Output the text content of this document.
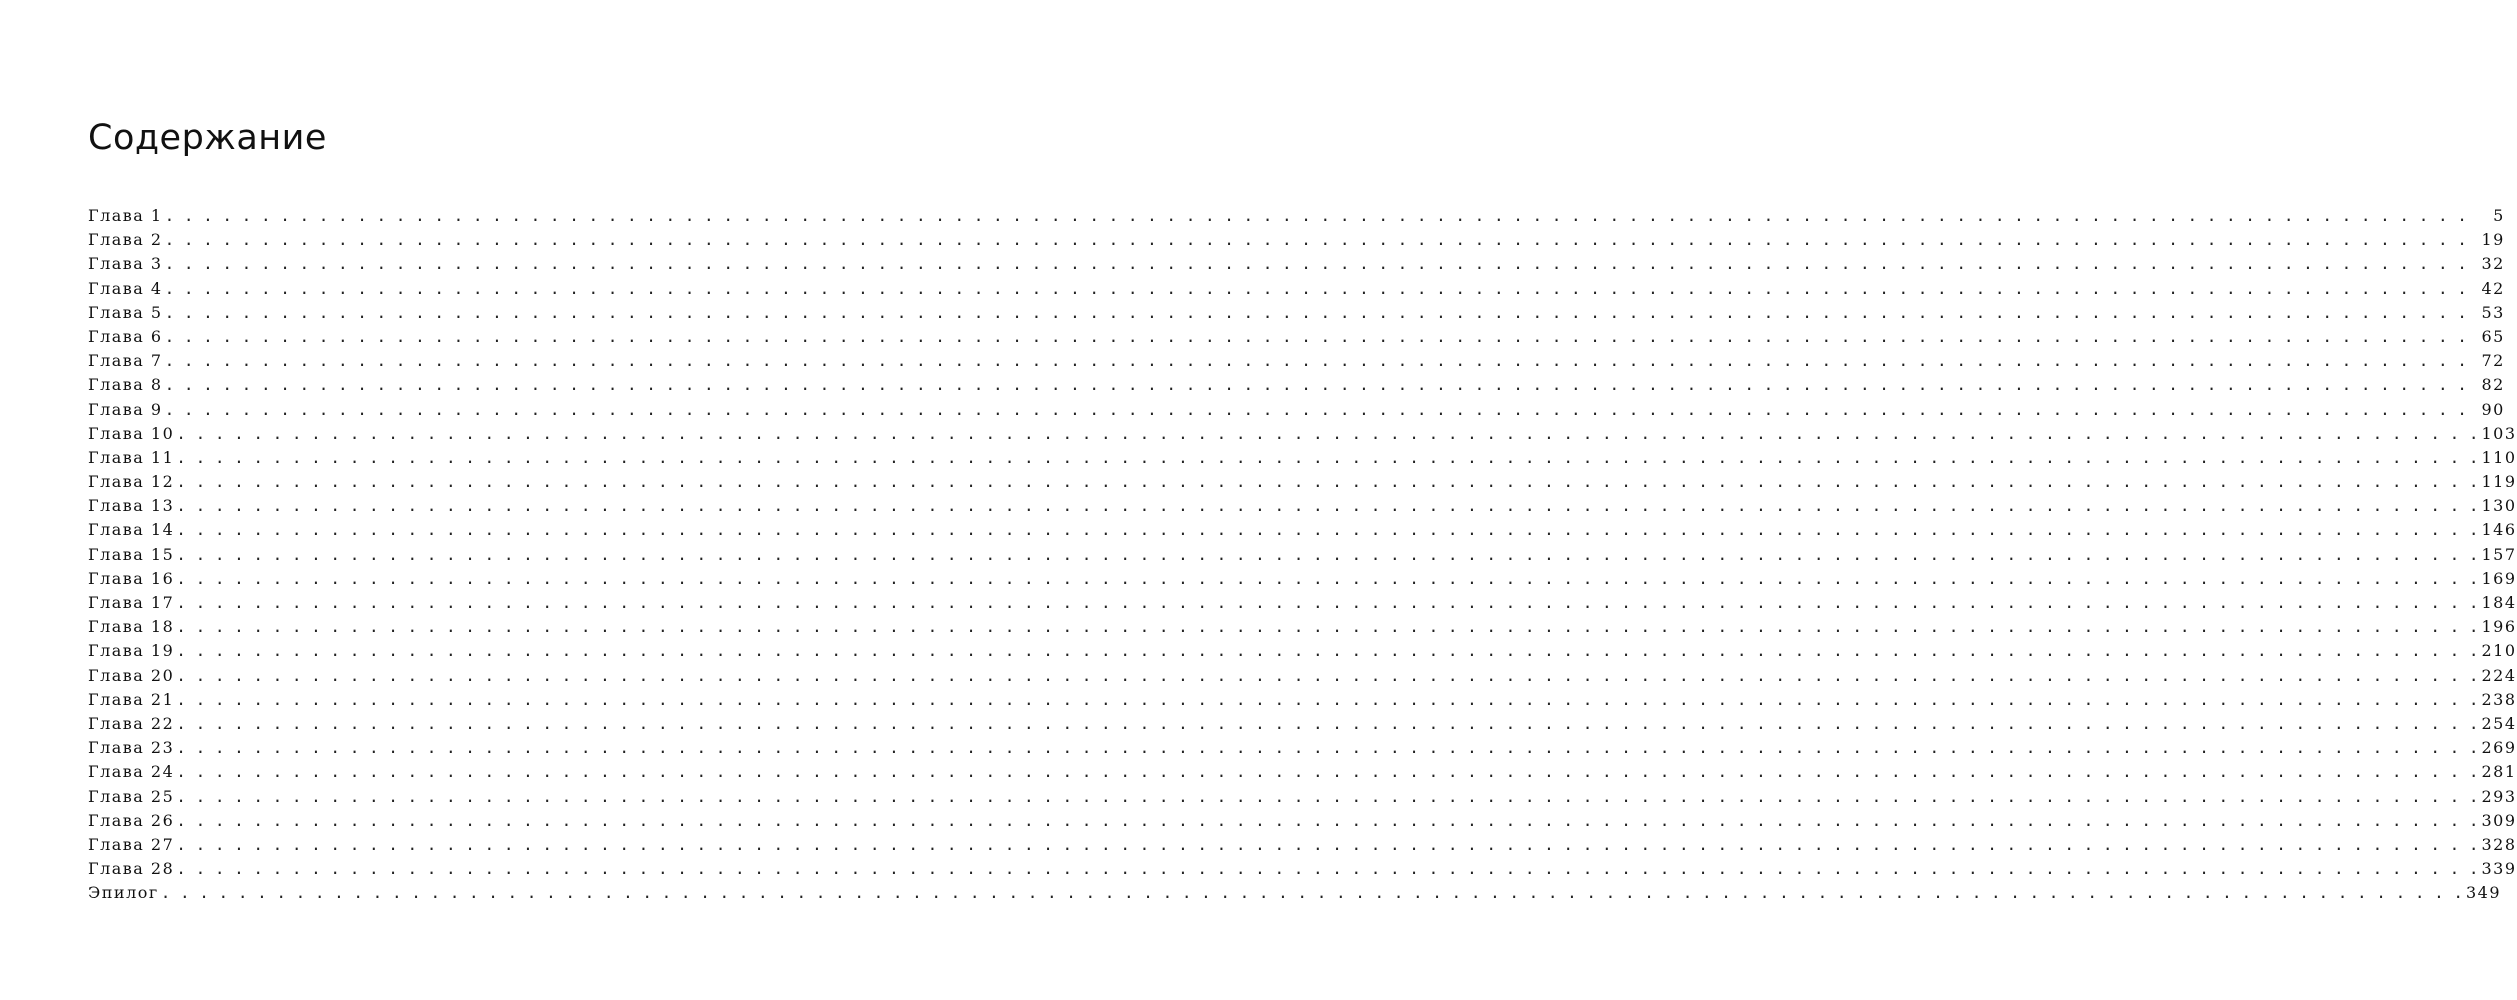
Содержание
Глава 1 . . . . . . . . . . . . . . . . . . . . . . . . . . . . . . . . . . . . . . . . . . . . . . . . . . . . . . . . . . . . . . . . . . . . . . . . . . . . . . . . . . . . . . . . . . . . . . . . . . . . . . . . . . . . . . . . . . . . . . . .	5
Глава 2 . . . . . . . . . . . . . . . . . . . . . . . . . . . . . . . . . . . . . . . . . . . . . . . . . . . . . . . . . . . . . . . . . . . . . . . . . . . . . . . . . . . . . . . . . . . . . . . . . . . . . . . . . . . . . . . . . . . . . . . . 19
Глава 3 . . . . . . . . . . . . . . . . . . . . . . . . . . . . . . . . . . . . . . . . . . . . . . . . . . . . . . . . . . . . . . . . . . . . . . . . . . . . . . . . . . . . . . . . . . . . . . . . . . . . . . . . . . . . . . . . . . . . . . . . 32
Глава 4 . . . . . . . . . . . . . . . . . . . . . . . . . . . . . . . . . . . . . . . . . . . . . . . . . . . . . . . . . . . . . . . . . . . . . . . . . . . . . . . . . . . . . . . . . . . . . . . . . . . . . . . . . . . . . . . . . . . . . . . . 42
Глава 5 . . . . . . . . . . . . . . . . . . . . . . . . . . . . . . . . . . . . . . . . . . . . . . . . . . . . . . . . . . . . . . . . . . . . . . . . . . . . . . . . . . . . . . . . . . . . . . . . . . . . . . . . . . . . . . . . . . . . . . . . 53
Глава 6 . . . . . . . . . . . . . . . . . . . . . . . . . . . . . . . . . . . . . . . . . . . . . . . . . . . . . . . . . . . . . . . . . . . . . . . . . . . . . . . . . . . . . . . . . . . . . . . . . . . . . . . . . . . . . . . . . . . . . . . . 65
Глава 7 . . . . . . . . . . . . . . . . . . . . . . . . . . . . . . . . . . . . . . . . . . . . . . . . . . . . . . . . . . . . . . . . . . . . . . . . . . . . . . . . . . . . . . . . . . . . . . . . . . . . . . . . . . . . . . . . . . . . . . . . 72
Глава 8 . . . . . . . . . . . . . . . . . . . . . . . . . . . . . . . . . . . . . . . . . . . . . . . . . . . . . . . . . . . . . . . . . . . . . . . . . . . . . . . . . . . . . . . . . . . . . . . . . . . . . . . . . . . . . . . . . . . . . . . . 82
Глава 9 . . . . . . . . . . . . . . . . . . . . . . . . . . . . . . . . . . . . . . . . . . . . . . . . . . . . . . . . . . . . . . . . . . . . . . . . . . . . . . . . . . . . . . . . . . . . . . . . . . . . . . . . . . . . . . . . . . . . . . . . 90
Глава 10 . . . . . . . . . . . . . . . . . . . . . . . . . . . . . . . . . . . . . . . . . . . . . . . . . . . . . . . . . . . . . . . . . . . . . . . . . . . . . . . . . . . . . . . . . . . . . . . . . . . . . . . . . . . . . . . . . . . . . . . . 103
Глава 11 . . . . . . . . . . . . . . . . . . . . . . . . . . . . . . . . . . . . . . . . . . . . . . . . . . . . . . . . . . . . . . . . . . . . . . . . . . . . . . . . . . . . . . . . . . . . . . . . . . . . . . . . . . . . . . . . . . . . . . . . 110
Глава 12 . . . . . . . . . . . . . . . . . . . . . . . . . . . . . . . . . . . . . . . . . . . . . . . . . . . . . . . . . . . . . . . . . . . . . . . . . . . . . . . . . . . . . . . . . . . . . . . . . . . . . . . . . . . . . . . . . . . . . . . . 119
Глава 13 . . . . . . . . . . . . . . . . . . . . . . . . . . . . . . . . . . . . . . . . . . . . . . . . . . . . . . . . . . . . . . . . . . . . . . . . . . . . . . . . . . . . . . . . . . . . . . . . . . . . . . . . . . . . . . . . . . . . . . . . 130
Глава 14 . . . . . . . . . . . . . . . . . . . . . . . . . . . . . . . . . . . . . . . . . . . . . . . . . . . . . . . . . . . . . . . . . . . . . . . . . . . . . . . . . . . . . . . . . . . . . . . . . . . . . . . . . . . . . . . . . . . . . . . . 146
Глава 15 . . . . . . . . . . . . . . . . . . . . . . . . . . . . . . . . . . . . . . . . . . . . . . . . . . . . . . . . . . . . . . . . . . . . . . . . . . . . . . . . . . . . . . . . . . . . . . . . . . . . . . . . . . . . . . . . . . . . . . . . 157
Глава 16 . . . . . . . . . . . . . . . . . . . . . . . . . . . . . . . . . . . . . . . . . . . . . . . . . . . . . . . . . . . . . . . . . . . . . . . . . . . . . . . . . . . . . . . . . . . . . . . . . . . . . . . . . . . . . . . . . . . . . . . . 169
Глава 17 . . . . . . . . . . . . . . . . . . . . . . . . . . . . . . . . . . . . . . . . . . . . . . . . . . . . . . . . . . . . . . . . . . . . . . . . . . . . . . . . . . . . . . . . . . . . . . . . . . . . . . . . . . . . . . . . . . . . . . . . 184
Глава 18 . . . . . . . . . . . . . . . . . . . . . . . . . . . . . . . . . . . . . . . . . . . . . . . . . . . . . . . . . . . . . . . . . . . . . . . . . . . . . . . . . . . . . . . . . . . . . . . . . . . . . . . . . . . . . . . . . . . . . . . . 196
Глава 19 . . . . . . . . . . . . . . . . . . . . . . . . . . . . . . . . . . . . . . . . . . . . . . . . . . . . . . . . . . . . . . . . . . . . . . . . . . . . . . . . . . . . . . . . . . . . . . . . . . . . . . . . . . . . . . . . . . . . . . . . 210
Глава 20 . . . . . . . . . . . . . . . . . . . . . . . . . . . . . . . . . . . . . . . . . . . . . . . . . . . . . . . . . . . . . . . . . . . . . . . . . . . . . . . . . . . . . . . . . . . . . . . . . . . . . . . . . . . . . . . . . . . . . . . . 224
Глава 21 . . . . . . . . . . . . . . . . . . . . . . . . . . . . . . . . . . . . . . . . . . . . . . . . . . . . . . . . . . . . . . . . . . . . . . . . . . . . . . . . . . . . . . . . . . . . . . . . . . . . . . . . . . . . . . . . . . . . . . . . 238
Глава 22 . . . . . . . . . . . . . . . . . . . . . . . . . . . . . . . . . . . . . . . . . . . . . . . . . . . . . . . . . . . . . . . . . . . . . . . . . . . . . . . . . . . . . . . . . . . . . . . . . . . . . . . . . . . . . . . . . . . . . . . . 254
Глава 23 . . . . . . . . . . . . . . . . . . . . . . . . . . . . . . . . . . . . . . . . . . . . . . . . . . . . . . . . . . . . . . . . . . . . . . . . . . . . . . . . . . . . . . . . . . . . . . . . . . . . . . . . . . . . . . . . . . . . . . . . 269
Глава 24 . . . . . . . . . . . . . . . . . . . . . . . . . . . . . . . . . . . . . . . . . . . . . . . . . . . . . . . . . . . . . . . . . . . . . . . . . . . . . . . . . . . . . . . . . . . . . . . . . . . . . . . . . . . . . . . . . . . . . . . . 281
Глава 25 . . . . . . . . . . . . . . . . . . . . . . . . . . . . . . . . . . . . . . . . . . . . . . . . . . . . . . . . . . . . . . . . . . . . . . . . . . . . . . . . . . . . . . . . . . . . . . . . . . . . . . . . . . . . . . . . . . . . . . . . 293
Глава 26 . . . . . . . . . . . . . . . . . . . . . . . . . . . . . . . . . . . . . . . . . . . . . . . . . . . . . . . . . . . . . . . . . . . . . . . . . . . . . . . . . . . . . . . . . . . . . . . . . . . . . . . . . . . . . . . . . . . . . . . . 309
Глава 27 . . . . . . . . . . . . . . . . . . . . . . . . . . . . . . . . . . . . . . . . . . . . . . . . . . . . . . . . . . . . . . . . . . . . . . . . . . . . . . . . . . . . . . . . . . . . . . . . . . . . . . . . . . . . . . . . . . . . . . . . 328
Глава 28 . . . . . . . . . . . . . . . . . . . . . . . . . . . . . . . . . . . . . . . . . . . . . . . . . . . . . . . . . . . . . . . . . . . . . . . . . . . . . . . . . . . . . . . . . . . . . . . . . . . . . . . . . . . . . . . . . . . . . . . . 339
Эпилог . . . . . . . . . . . . . . . . . . . . . . . . . . . . . . . . . . . . . . . . . . . . . . . . . . . . . . . . . . . . . . . . . . . . . . . . . . . . . . . . . . . . . . . . . . . . . . . . . . . . . . . . . . . . . . . . . . . . . . . . 349
